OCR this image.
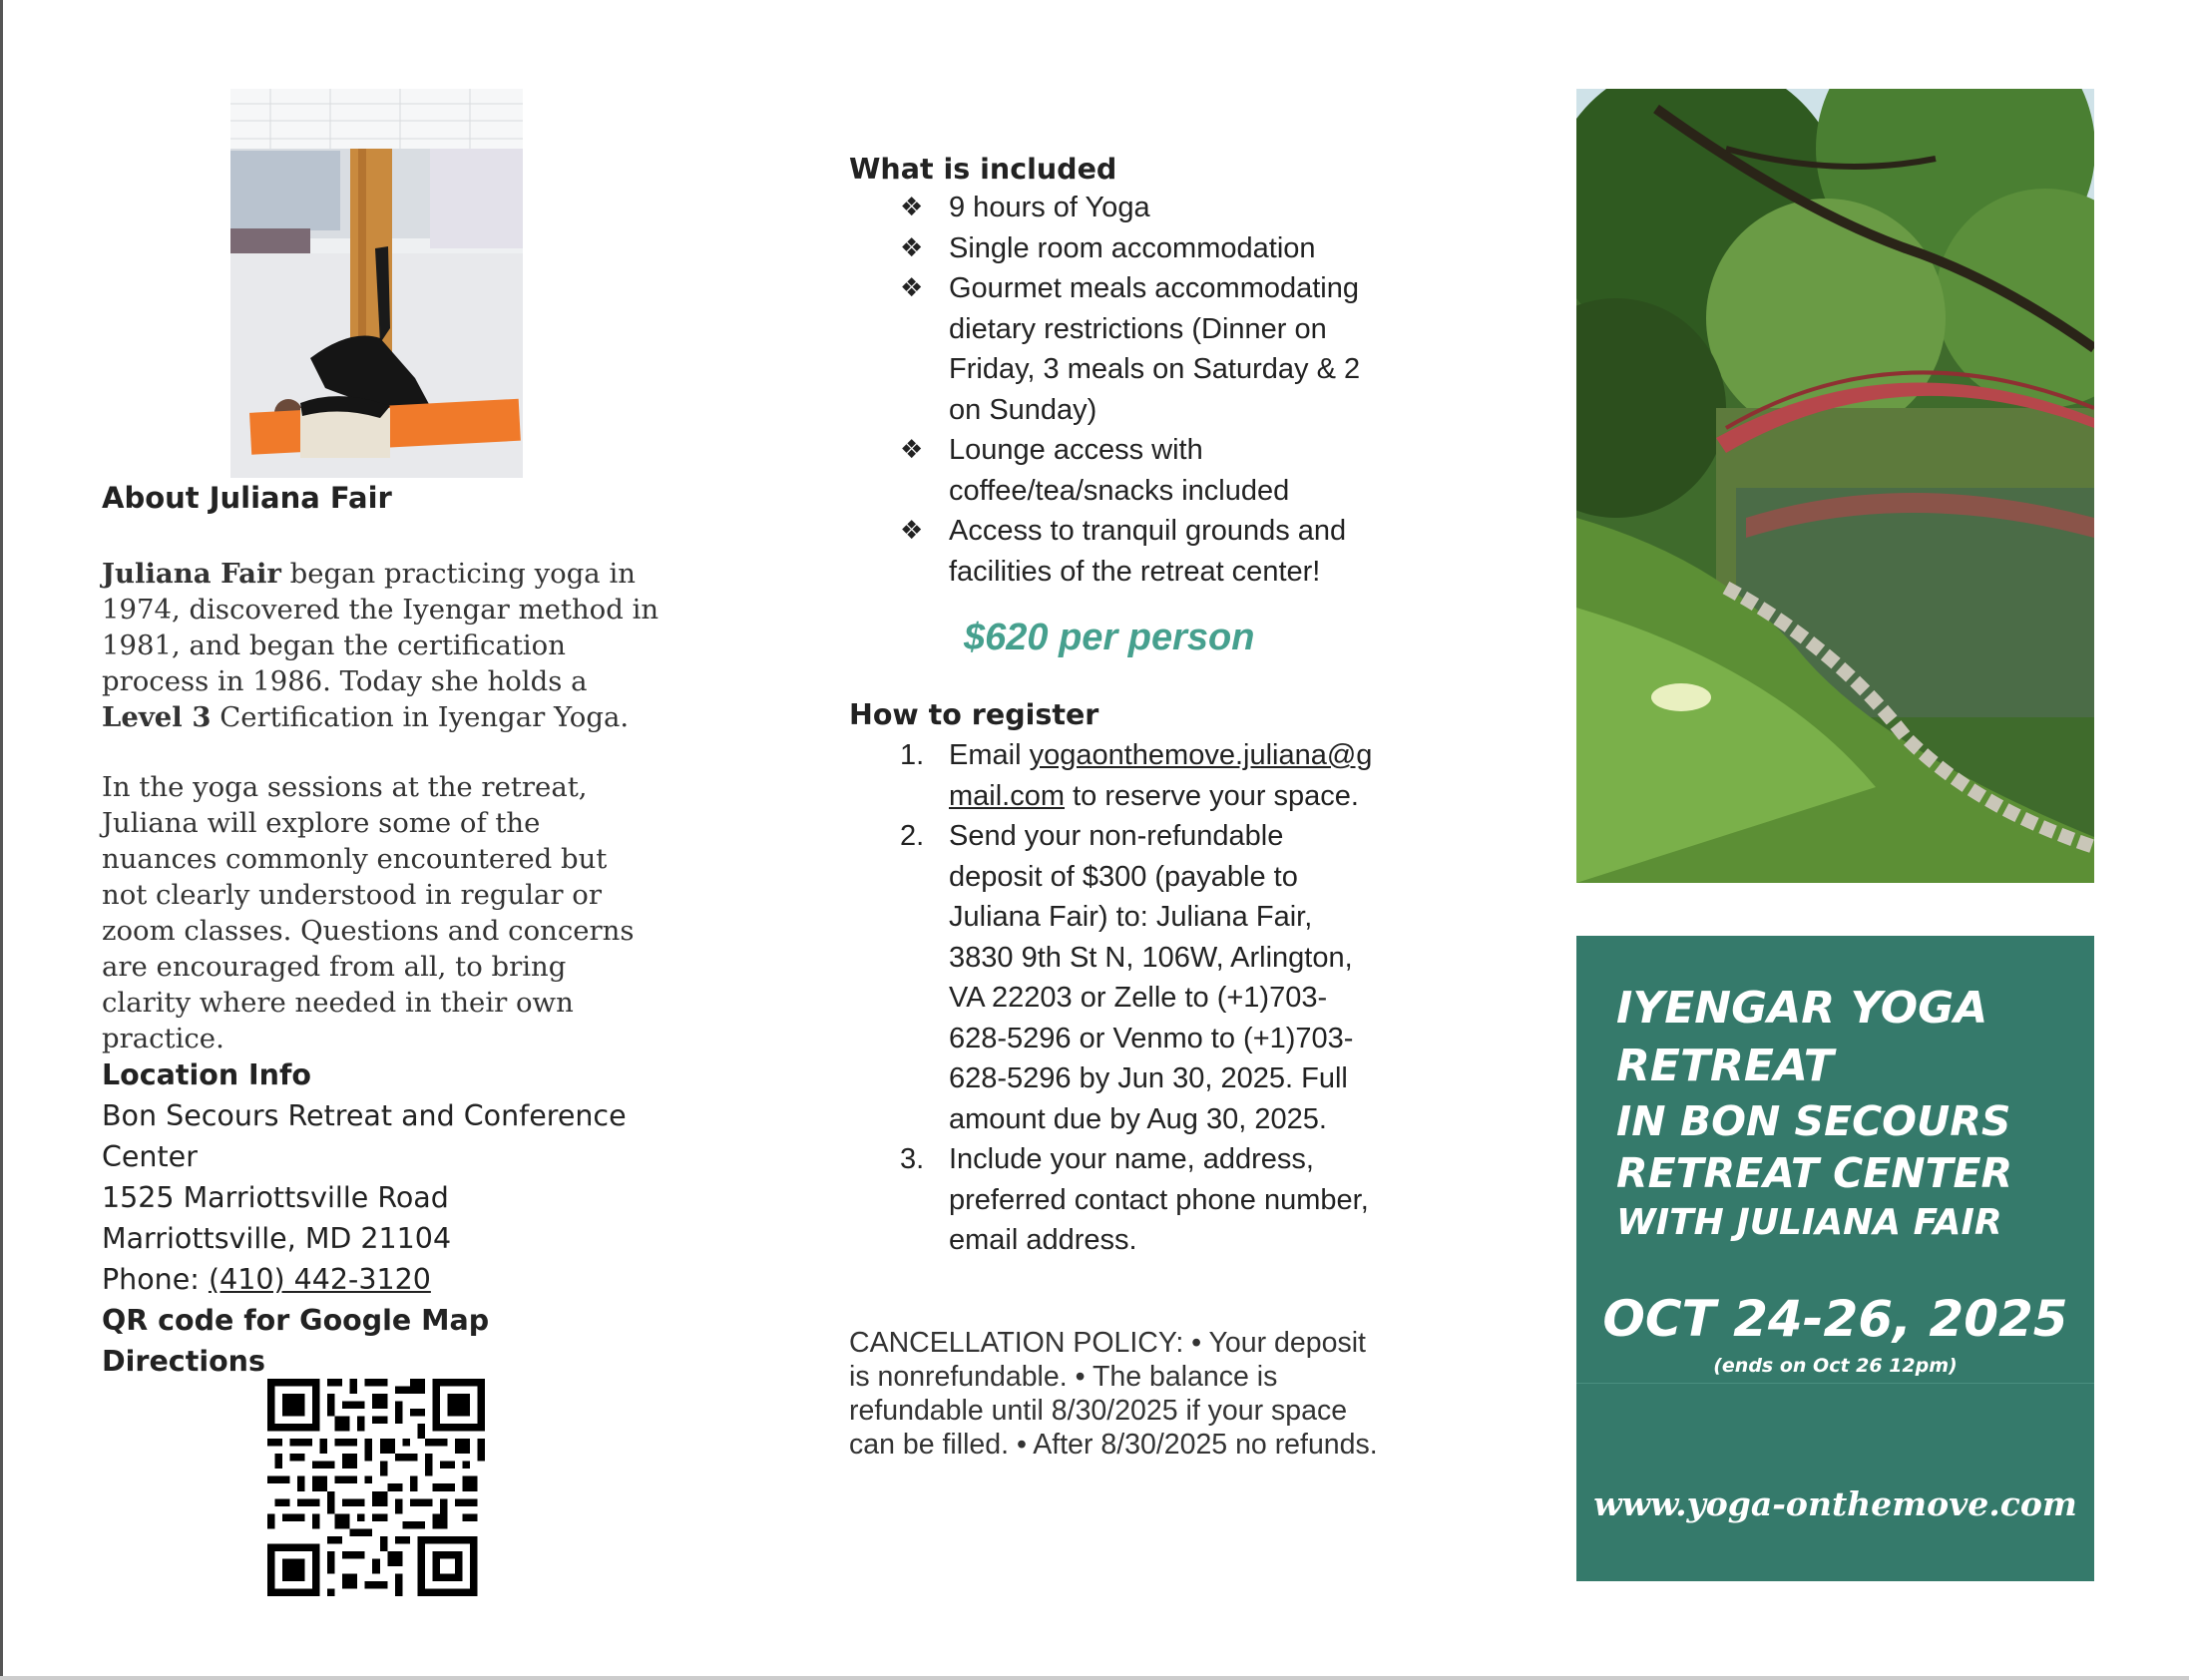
About Juliana Fair

Juliana Fair began practicing yoga in 1974, discovered the Iyengar method in 1981, and began the certification process in 1986. Today she holds a Level 3 Certification in Iyengar Yoga.

In the yoga sessions at the retreat, Juliana will explore some of the nuances commonly encountered but not clearly understood in regular or zoom classes. Questions and concerns are encouraged from all, to bring clarity where needed in their own practice.

Location Info
Bon Secours Retreat and Conference
Center
1525 Marriottsville Road
Marriottsville, MD 21104
Phone: (410) 442-3120
QR code for Google Map Directions
What is included
❖ 9 hours of Yoga
❖ Single room accommodation
❖ Gourmet meals accommodating dietary restrictions (Dinner on Friday, 3 meals on Saturday & 2 on Sunday)
❖ Lounge access with coffee/tea/snacks included
❖ Access to tranquil grounds and facilities of the retreat center!
$620 per person
How to register
1. Email yogaonthemove.juliana@gmail.com to reserve your space.
2. Send your non-refundable deposit of $300 (payable to Juliana Fair) to: Juliana Fair, 3830 9th St N, 106W, Arlington, VA 22203 or Zelle to (+1)703-628-5296 or Venmo to (+1)703-628-5296 by Jun 30, 2025. Full amount due by Aug 30, 2025.
3. Include your name, address, preferred contact phone number, email address.
CANCELLATION POLICY: • Your deposit is nonrefundable. • The balance is refundable until 8/30/2025 if your space can be filled. • After 8/30/2025 no refunds.
IYENGAR YOGA
RETREAT
IN BON SECOURS
RETREAT CENTER
WITH JULIANA FAIR
OCT 24-26, 2025
(ends on Oct 26 12pm)
www.yoga-onthemove.com
